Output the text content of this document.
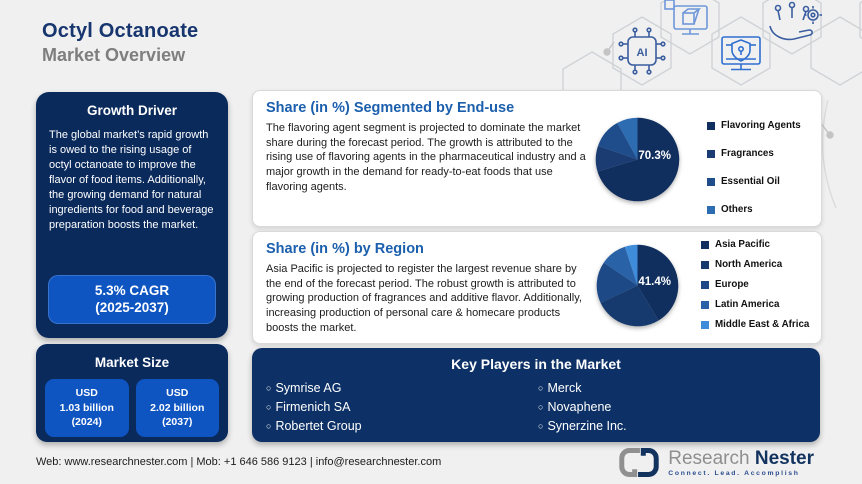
AI
Octyl Octanoate
Market Overview
Growth Driver
The global market’s rapid growth is owed to the rising usage of octyl octanoate to improve the flavor of food items. Additionally, the growing demand for natural ingredients for food and beverage preparation boosts the market.
5.3% CAGR
(2025-2037)
Market Size
USD
1.03 billion
(2024)
USD
2.02 billion
(2037)
Share (in %) Segmented by End-use
The flavoring agent segment is projected to dominate the market share during the forecast period. The growth is attributed to the rising use of flavoring agents in the pharmaceutical industry and a major growth in the demand for ready-to-eat foods that use flavoring agents.
70.3%
Flavoring Agents
Fragrances
Essential Oil
Others
Share (in %) by Region
Asia Pacific is projected to register the largest revenue share by the end of the forecast period. The robust growth is attributed to growing production of fragrances and additive flavor. Additionally, increasing production of personal care & homecare products boosts the market.
41.4%
Asia Pacific
North America
Europe
Latin America
Middle East & Africa
Key Players in the Market
○ Symrise AG
○ Firmenich SA
○ Robertet Group
○ Merck
○ Novaphene
○ Synerzine Inc.
Web: www.researchnester.com | Mob: +1 646 586 9123 | info@researchnester.com	Research Nester
Connect. Lead. Accomplish
